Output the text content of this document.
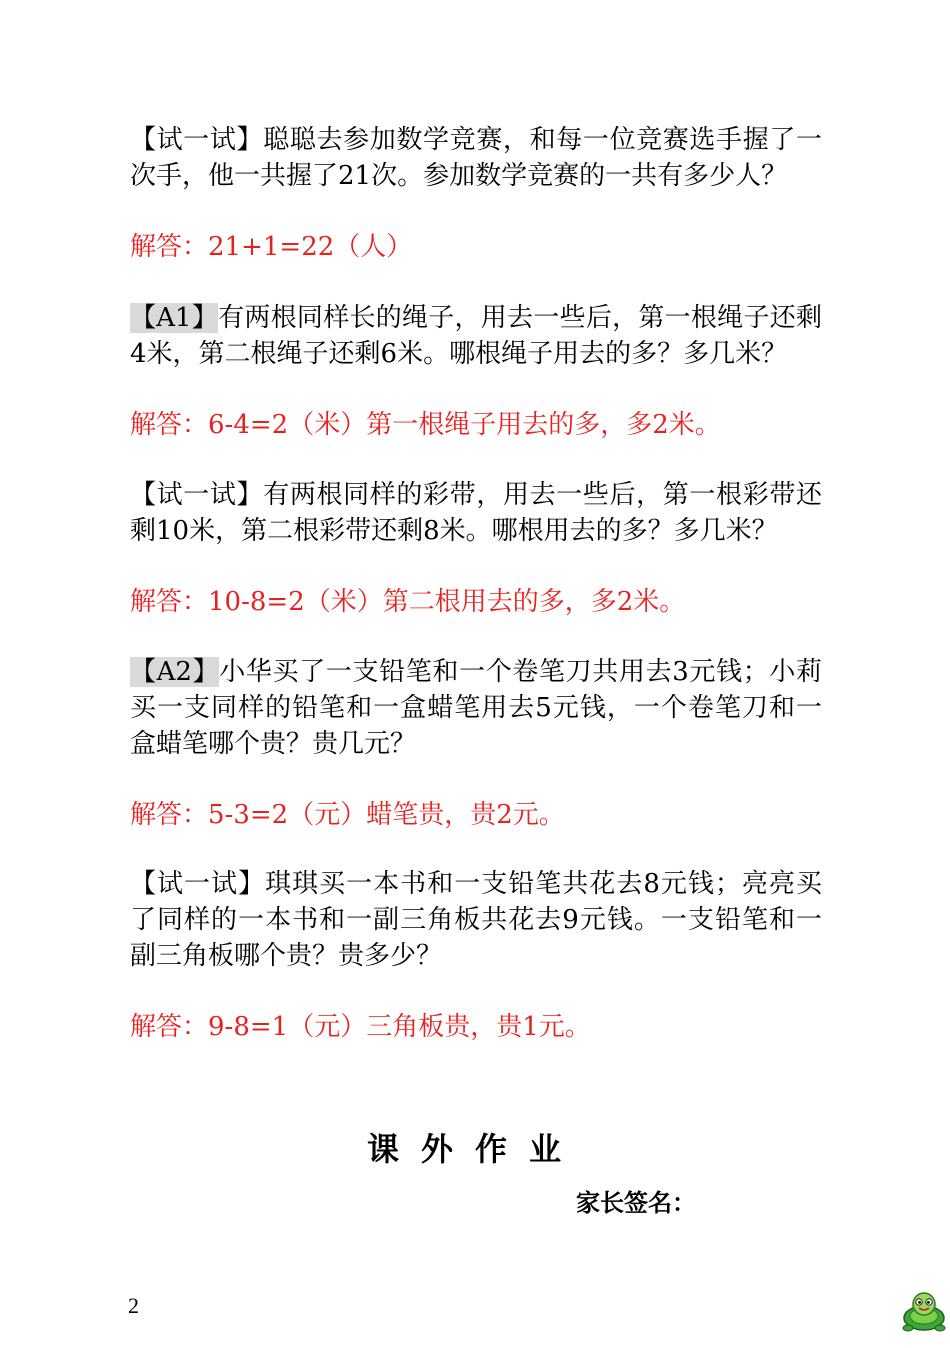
【试一试】聪聪去参加数学竞赛，和每一位竞赛选手握了一次手，他一共握了21次。参加数学竞赛的一共有多少人？

解答：21+1=22（人）

【A1】有两根同样长的绳子，用去一些后，第一根绳子还剩4米，第二根绳子还剩6米。哪根绳子用去的多？多几米？

解答：6-4=2（米）第一根绳子用去的多，多2米。

【试一试】有两根同样的彩带，用去一些后，第一根彩带还剩10米，第二根彩带还剩8米。哪根用去的多？多几米？

解答：10-8=2（米）第二根用去的多，多2米。

【A2】小华买了一支铅笔和一个卷笔刀共用去3元钱；小莉买一支同样的铅笔和一盒蜡笔用去5元钱，一个卷笔刀和一盒蜡笔哪个贵？贵几元？

解答：5-3=2（元）蜡笔贵，贵2元。

【试一试】琪琪买一本书和一支铅笔共花去8元钱；亮亮买了同样的一本书和一副三角板共花去9元钱。一支铅笔和一副三角板哪个贵？贵多少？

解答：9-8=1（元）三角板贵，贵1元。

课外作业

家长签名：

2
